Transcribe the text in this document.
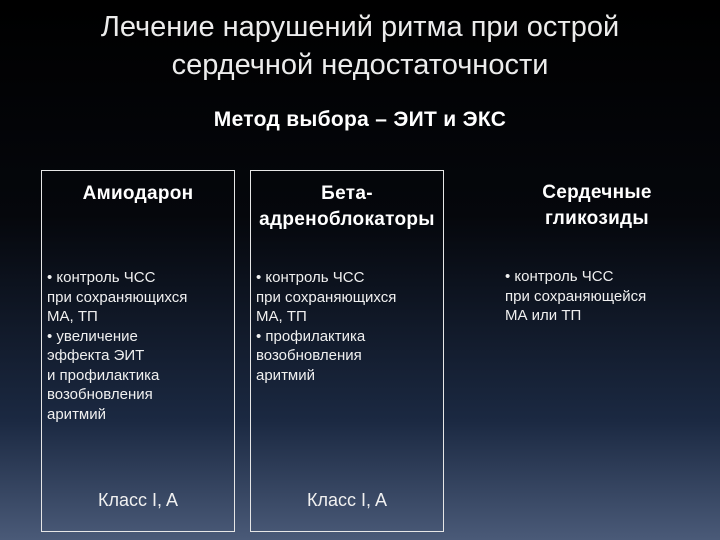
Лечение нарушений ритма при острой
сердечной недостаточности
Метод выбора – ЭИТ и ЭКС
Амиодарон
• контроль ЧСС
при сохраняющихся
МА, ТП
• увеличение
эффекта ЭИТ
и профилактика
возобновления
аритмий
Класс I, A
Бета-
адреноблокаторы
• контроль ЧСС
при сохраняющихся
МА, ТП
• профилактика
возобновления
аритмий
Класс I, A
Сердечные
гликозиды
• контроль ЧСС
при сохраняющейся
МА или ТП
